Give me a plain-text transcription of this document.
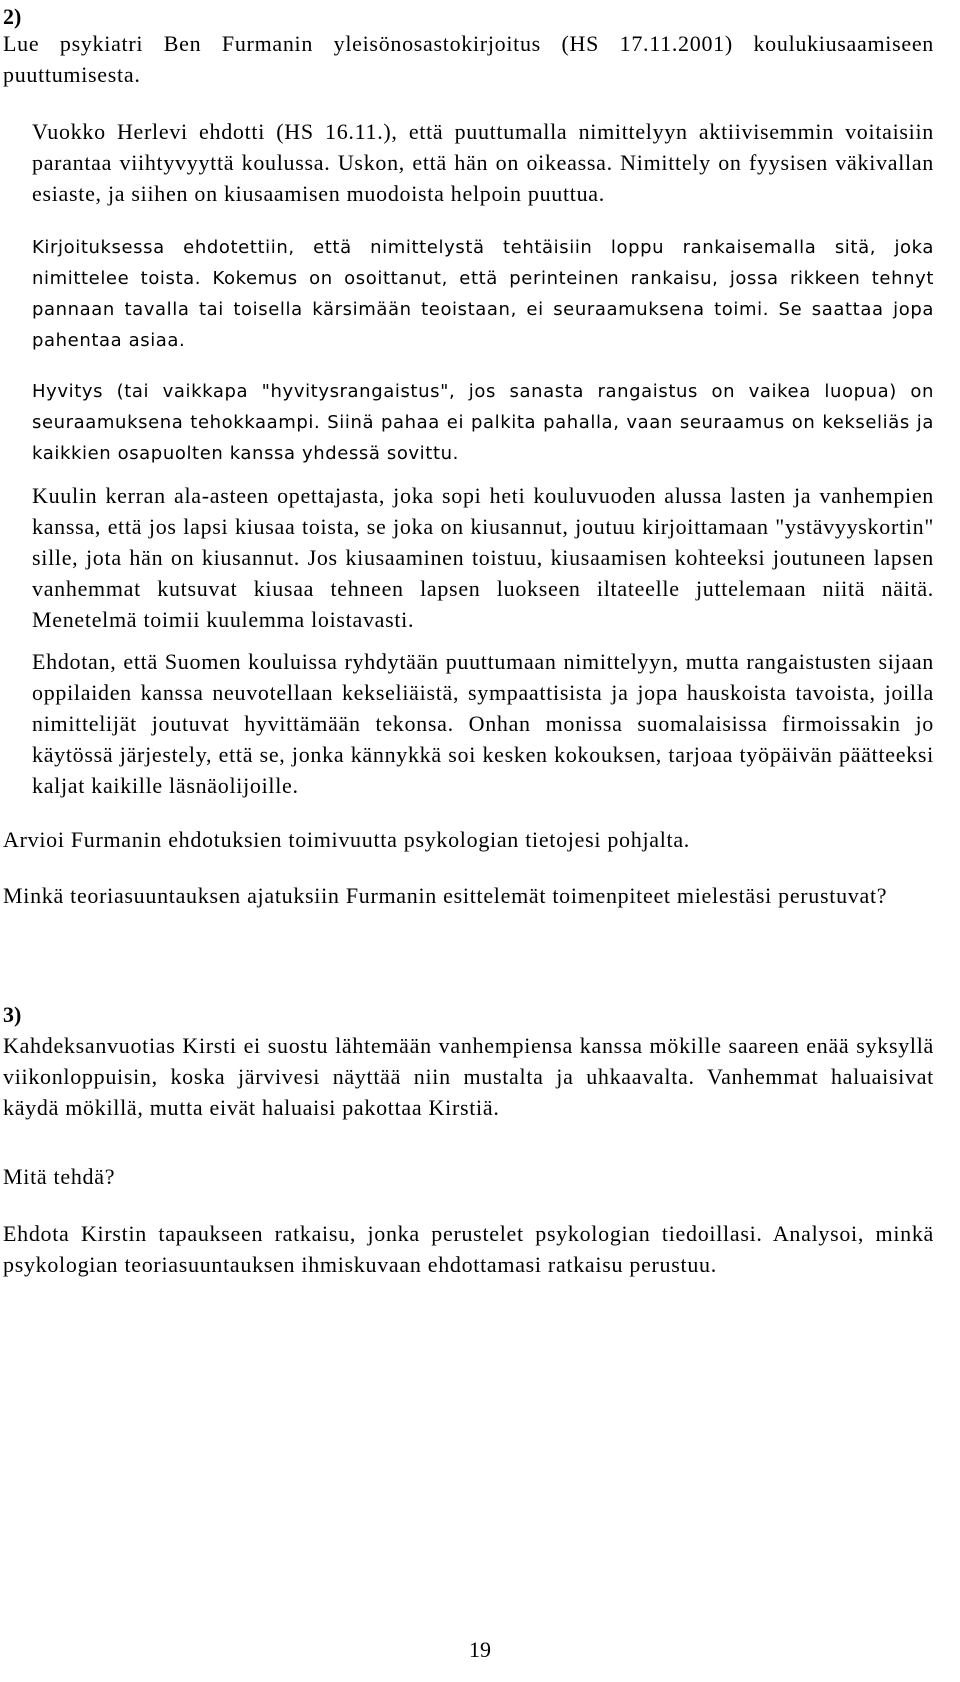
2)

Lue psykiatri Ben Furmanin yleisönosastokirjoitus (HS 17.11.2001) koulukiusaamiseen puuttumisesta.

Vuokko Herlevi ehdotti (HS 16.11.), että puuttumalla nimittelyyn aktiivisemmin voitaisiin parantaa viihtyvyyttä koulussa. Uskon, että hän on oikeassa. Nimittely on fyysisen väkivallan esiaste, ja siihen on kiusaamisen muodoista helpoin puuttua.

Kirjoituksessa ehdotettiin, että nimittelystä tehtäisiin loppu rankaisemalla sitä, joka nimittelee toista. Kokemus on osoittanut, että perinteinen rankaisu, jossa rikkeen tehnyt pannaan tavalla tai toisella kärsimään teoistaan, ei seuraamuksena toimi. Se saattaa jopa pahentaa asiaa.

Hyvitys (tai vaikkapa "hyvitysrangaistus", jos sanasta rangaistus on vaikea luopua) on seuraamuksena tehokkaampi. Siinä pahaa ei palkita pahalla, vaan seuraamus on kekseliäs ja kaikkien osapuolten kanssa yhdessä sovittu.

Kuulin kerran ala-asteen opettajasta, joka sopi heti kouluvuoden alussa lasten ja vanhempien kanssa, että jos lapsi kiusaa toista, se joka on kiusannut, joutuu kirjoittamaan "ystävyyskortin" sille, jota hän on kiusannut. Jos kiusaaminen toistuu, kiusaamisen kohteeksi joutuneen lapsen vanhemmat kutsuvat kiusaa tehneen lapsen luokseen iltateelle juttelemaan niitä näitä. Menetelmä toimii kuulemma loistavasti.

Ehdotan, että Suomen kouluissa ryhdytään puuttumaan nimittelyyn, mutta rangaistusten sijaan oppilaiden kanssa neuvotellaan kekseliäistä, sympaattisista ja jopa hauskoista tavoista, joilla nimittelijät joutuvat hyvittämään tekonsa. Onhan monissa suomalaisissa firmoissakin jo käytössä järjestely, että se, jonka kännykkä soi kesken kokouksen, tarjoaa työpäivän päätteeksi kaljat kaikille läsnäolijoille.

Arvioi Furmanin ehdotuksien toimivuutta psykologian tietojesi pohjalta.

Minkä teoriasuuntauksen ajatuksiin Furmanin esittelemät toimenpiteet mielestäsi perustuvat?

3)

Kahdeksanvuotias Kirsti ei suostu lähtemään vanhempiensa kanssa mökille saareen enää syksyllä viikonloppuisin, koska järvivesi näyttää niin mustalta ja uhkaavalta. Vanhemmat haluaisivat käydä mökillä, mutta eivät haluaisi pakottaa Kirstiä.

Mitä tehdä?

Ehdota Kirstin tapaukseen ratkaisu, jonka perustelet psykologian tiedoillasi. Analysoi, minkä psykologian teoriasuuntauksen ihmiskuvaan ehdottamasi ratkaisu perustuu.

19
